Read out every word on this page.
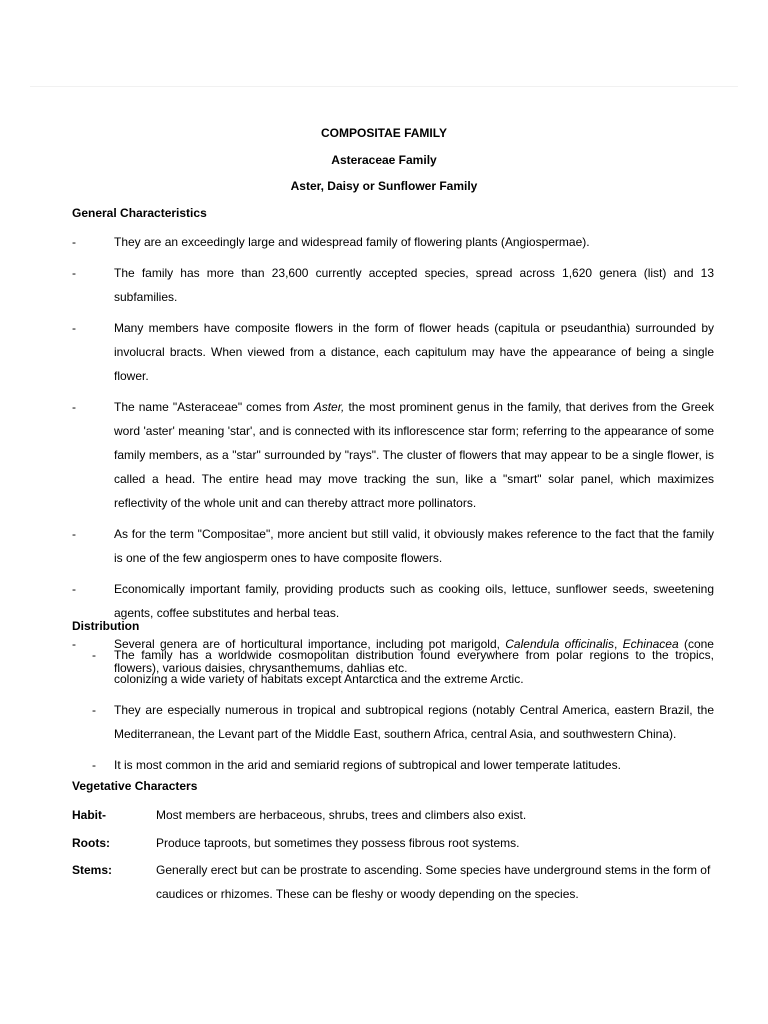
COMPOSITAE FAMILY
Asteraceae Family
Aster, Daisy or Sunflower Family
General Characteristics
-	They are an exceedingly large and widespread family of flowering plants (Angiospermae).
-	The family has more than 23,600 currently accepted species, spread across 1,620 genera (list) and 13 subfamilies.
-	Many members have composite flowers in the form of flower heads (capitula or pseudanthia) surrounded by involucral bracts. When viewed from a distance, each capitulum may have the appearance of being a single flower.
-	The name "Asteraceae" comes from Aster, the most prominent genus in the family, that derives from the Greek word 'aster' meaning 'star', and is connected with its inflorescence star form; referring to the appearance of some family members, as a "star" surrounded by "rays". The cluster of flowers that may appear to be a single flower, is called a head. The entire head may move tracking the sun, like a "smart" solar panel, which maximizes reflectivity of the whole unit and can thereby attract more pollinators.
-	As for the term "Compositae", more ancient but still valid, it obviously makes reference to the fact that the family is one of the few angiosperm ones to have composite flowers.
-	Economically important family, providing products such as cooking oils, lettuce, sunflower seeds, sweetening agents, coffee substitutes and herbal teas.
-	Several genera are of horticultural importance, including pot marigold, Calendula officinalis, Echinacea (cone flowers), various daisies, chrysanthemums, dahlias etc.
Distribution
- The family has a worldwide cosmopolitan distribution found everywhere from polar regions to the tropics, colonizing a wide variety of habitats except Antarctica and the extreme Arctic.
- They are especially numerous in tropical and subtropical regions (notably Central America, eastern Brazil, the Mediterranean, the Levant part of the Middle East, southern Africa, central Asia, and southwestern China).
- It is most common in the arid and semiarid regions of subtropical and lower temperate latitudes.
Vegetative Characters
Habit-	Most members are herbaceous, shrubs, trees and climbers also exist.
Roots:	Produce taproots, but sometimes they possess fibrous root systems.
Stems:	Generally erect but can be prostrate to ascending. Some species have underground stems in the form of caudices or rhizomes. These can be fleshy or woody depending on the species.
